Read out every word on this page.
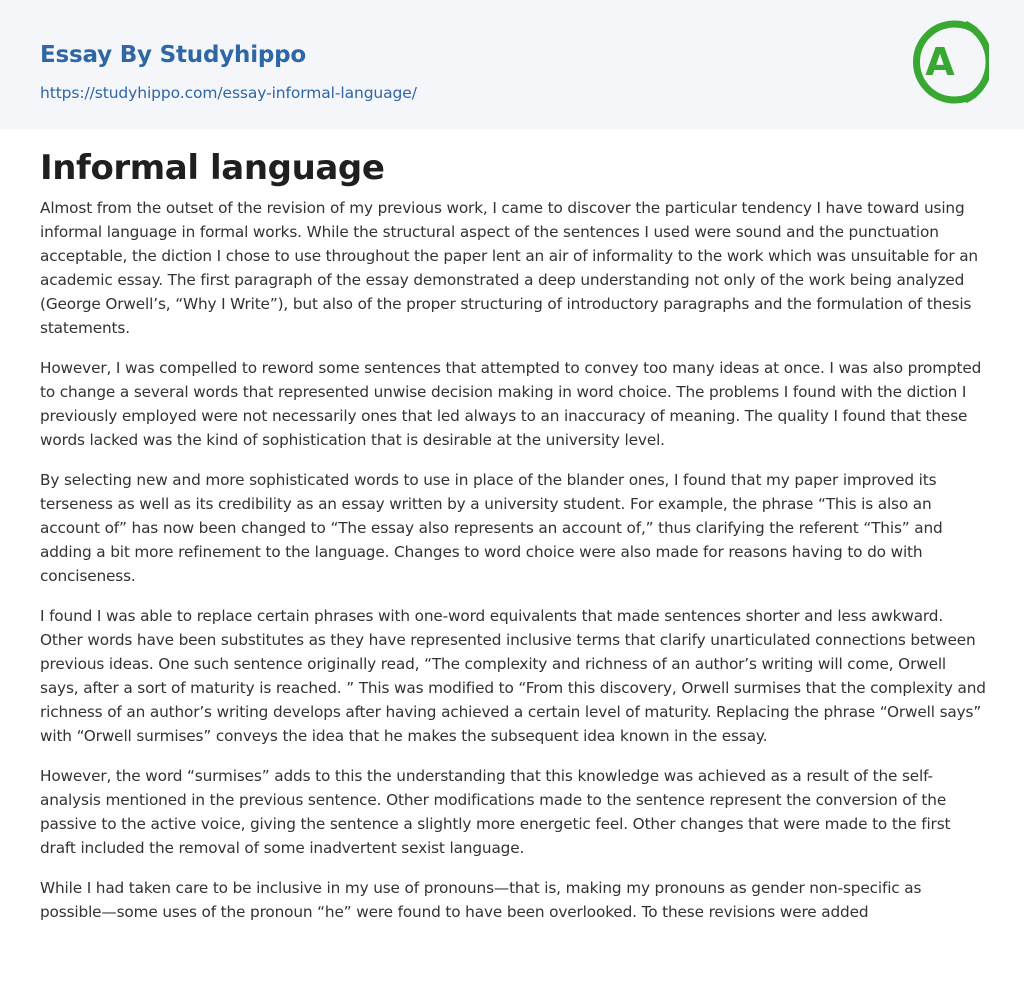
Essay By Studyhippo
https://studyhippo.com/essay-informal-language/
A
Informal language

Almost from the outset of the revision of my previous work, I came to discover the particular tendency I have toward using informal language in formal works. While the structural aspect of the sentences I used were sound and the punctuation acceptable, the diction I chose to use throughout the paper lent an air of informality to the work which was unsuitable for an academic essay. The first paragraph of the essay demonstrated a deep understanding not only of the work being analyzed (George Orwell’s, “Why I Write”), but also of the proper structuring of introductory paragraphs and the formulation of thesis statements.

However, I was compelled to reword some sentences that attempted to convey too many ideas at once. I was also prompted to change a several words that represented unwise decision making in word choice. The problems I found with the diction I previously employed were not necessarily ones that led always to an inaccuracy of meaning. The quality I found that these words lacked was the kind of sophistication that is desirable at the university level.

By selecting new and more sophisticated words to use in place of the blander ones, I found that my paper improved its terseness as well as its credibility as an essay written by a university student. For example, the phrase “This is also an account of” has now been changed to “The essay also represents an account of,” thus clarifying the referent “This” and adding a bit more refinement to the language. Changes to word choice were also made for reasons having to do with conciseness.

I found I was able to replace certain phrases with one-word equivalents that made sentences shorter and less awkward. Other words have been substitutes as they have represented inclusive terms that clarify unarticulated connections between previous ideas. One such sentence originally read, “The complexity and richness of an author’s writing will come, Orwell says, after a sort of maturity is reached. ” This was modified to “From this discovery, Orwell surmises that the complexity and richness of an author’s writing develops after having achieved a certain level of maturity. Replacing the phrase “Orwell says” with “Orwell surmises” conveys the idea that he makes the subsequent idea known in the essay.

However, the word “surmises” adds to this the understanding that this knowledge was achieved as a result of the self-analysis mentioned in the previous sentence. Other modifications made to the sentence represent the conversion of the passive to the active voice, giving the sentence a slightly more energetic feel. Other changes that were made to the first draft included the removal of some inadvertent sexist language.

While I had taken care to be inclusive in my use of pronouns—that is, making my pronouns as gender non-specific as possible—some uses of the pronoun “he” were found to have been overlooked. To these revisions were added
